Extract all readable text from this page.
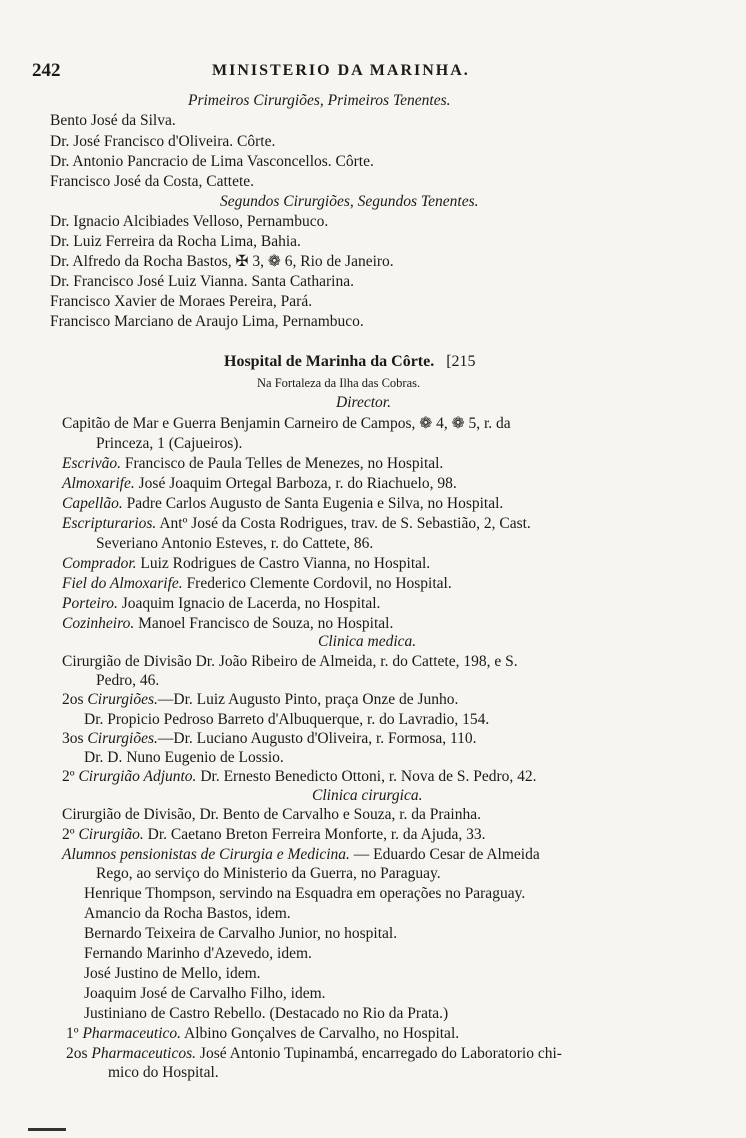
242	MINISTERIO DA MARINHA.
Primeiros Cirurgiões, Primeiros Tenentes.
Bento José da Silva.
Dr. José Francisco d'Oliveira. Côrte.
Dr. Antonio Pancracio de Lima Vasconcellos. Côrte.
Francisco José da Costa, Cattete.
Segundos Cirurgiões, Segundos Tenentes.
Dr. Ignacio Alcibiades Velloso, Pernambuco.
Dr. Luiz Ferreira da Rocha Lima, Bahia.
Dr. Alfredo da Rocha Bastos, ✠ 3, ❁ 6, Rio de Janeiro.
Dr. Francisco José Luiz Vianna. Santa Catharina.
Francisco Xavier de Moraes Pereira, Pará.
Francisco Marciano de Araujo Lima, Pernambuco.
Hospital de Marinha da Côrte. [215
Na Fortaleza da Ilha das Cobras.
Director.
Capitão de Mar e Guerra Benjamin Carneiro de Campos, ❁ 4, ❁ 5, r. da
Princeza, 1 (Cajueiros).
Escrivão. Francisco de Paula Telles de Menezes, no Hospital.
Almoxarife. José Joaquim Ortegal Barboza, r. do Riachuelo, 98.
Capellão. Padre Carlos Augusto de Santa Eugenia e Silva, no Hospital.
Escripturarios. Antº José da Costa Rodrigues, trav. de S. Sebastião, 2, Cast.
Severiano Antonio Esteves, r. do Cattete, 86.
Comprador. Luiz Rodrigues de Castro Vianna, no Hospital.
Fiel do Almoxarife. Frederico Clemente Cordovil, no Hospital.
Porteiro. Joaquim Ignacio de Lacerda, no Hospital.
Cozinheiro. Manoel Francisco de Souza, no Hospital.
Clinica medica.
Cirurgião de Divisão Dr. João Ribeiro de Almeida, r. do Cattete, 198, e S.
Pedro, 46.
2os Cirurgiões.—Dr. Luiz Augusto Pinto, praça Onze de Junho.
Dr. Propicio Pedroso Barreto d'Albuquerque, r. do Lavradio, 154.
3os Cirurgiões.—Dr. Luciano Augusto d'Oliveira, r. Formosa, 110.
Dr. D. Nuno Eugenio de Lossio.
2º Cirurgião Adjunto. Dr. Ernesto Benedicto Ottoni, r. Nova de S. Pedro, 42.
Clinica cirurgica.
Cirurgião de Divisão, Dr. Bento de Carvalho e Souza, r. da Prainha.
2º Cirurgião. Dr. Caetano Breton Ferreira Monforte, r. da Ajuda, 33.
Alumnos pensionistas de Cirurgia e Medicina. — Eduardo Cesar de Almeida
Rego, ao serviço do Ministerio da Guerra, no Paraguay.
Henrique Thompson, servindo na Esquadra em operações no Paraguay.
Amancio da Rocha Bastos, idem.
Bernardo Teixeira de Carvalho Junior, no hospital.
Fernando Marinho d'Azevedo, idem.
José Justino de Mello, idem.
Joaquim José de Carvalho Filho, idem.
Justiniano de Castro Rebello. (Destacado no Rio da Prata.)
1º Pharmaceutico. Albino Gonçalves de Carvalho, no Hospital.
2os Pharmaceuticos. José Antonio Tupinambá, encarregado do Laboratorio chi-
mico do Hospital.
